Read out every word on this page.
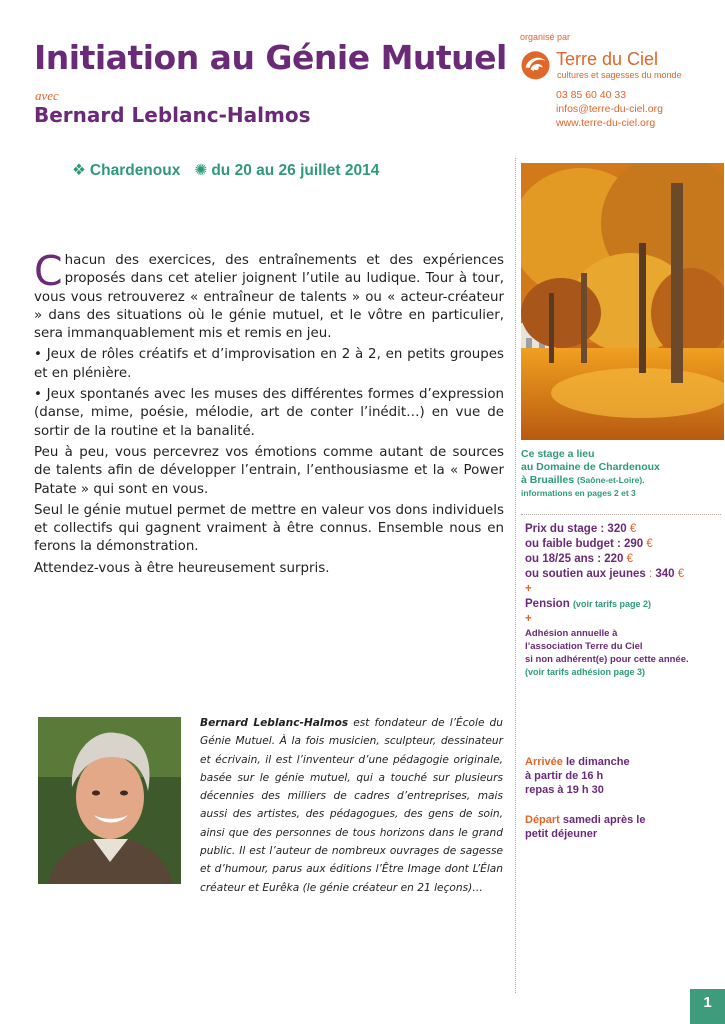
Initiation au Génie Mutuel
avec
Bernard Leblanc-Halmos
organisé par
Terre du Ciel
cultures et sagesses du monde
03 85 60 40 33
infos@terre-du-ciel.org
www.terre-du-ciel.org
❖ Chardenoux ✺ du 20 au 26 juillet 2014

Chacun des exercices, des entraînements et des expériences proposés dans cet atelier joignent l’utile au ludique. Tour à tour, vous vous retrouverez « entraîneur de talents » ou « acteur-créateur » dans des situations où le génie mutuel, et le vôtre en particulier, sera immanquablement mis et remis en jeu.

• Jeux de rôles créatifs et d’improvisation en 2 à 2, en petits groupes et en plénière.

• Jeux spontanés avec les muses des différentes formes d’expression (danse, mime, poésie, mélodie, art de conter l’inédit…) en vue de sortir de la routine et la banalité.

Peu à peu, vous percevrez vos émotions comme autant de sources de talents afin de développer l’entrain, l’enthousiasme et la « Power Patate » qui sont en vous.

Seul le génie mutuel permet de mettre en valeur vos dons individuels et collectifs qui gagnent vraiment à être connus. Ensemble nous en ferons la démonstration.

Attendez-vous à être heureusement surpris.

Ce stage a lieu
au Domaine de Chardenoux
à Bruailles (Saône-et-Loire).
informations en pages 2 et 3
Prix du stage : 320 €
ou faible budget : 290 €
ou 18/25 ans : 220 €
ou soutien aux jeunes : 340 €
+
Pension (voir tarifs page 2)
+
Adhésion annuelle à
l’association Terre du Ciel
si non adhérent(e) pour cette année.
(voir tarifs adhésion page 3)
Arrivée le dimanche
à partir de 16 h
repas à 19 h 30
Départ samedi après le
petit déjeuner
Bernard Leblanc-Halmos est fondateur de l’École du Génie Mutuel. À la fois musicien, sculpteur, dessinateur et écrivain, il est l’inventeur d’une pédagogie originale, basée sur le génie mutuel, qui a touché sur plusieurs décennies des milliers de cadres d’entreprises, mais aussi des artistes, des pédagogues, des gens de soin, ainsi que des personnes de tous horizons dans le grand public. Il est l’auteur de nombreux ouvrages de sagesse et d’humour, parus aux éditions l’Être Image dont L’Élan créateur et Eurêka (le génie créateur en 21 leçons)…
1
